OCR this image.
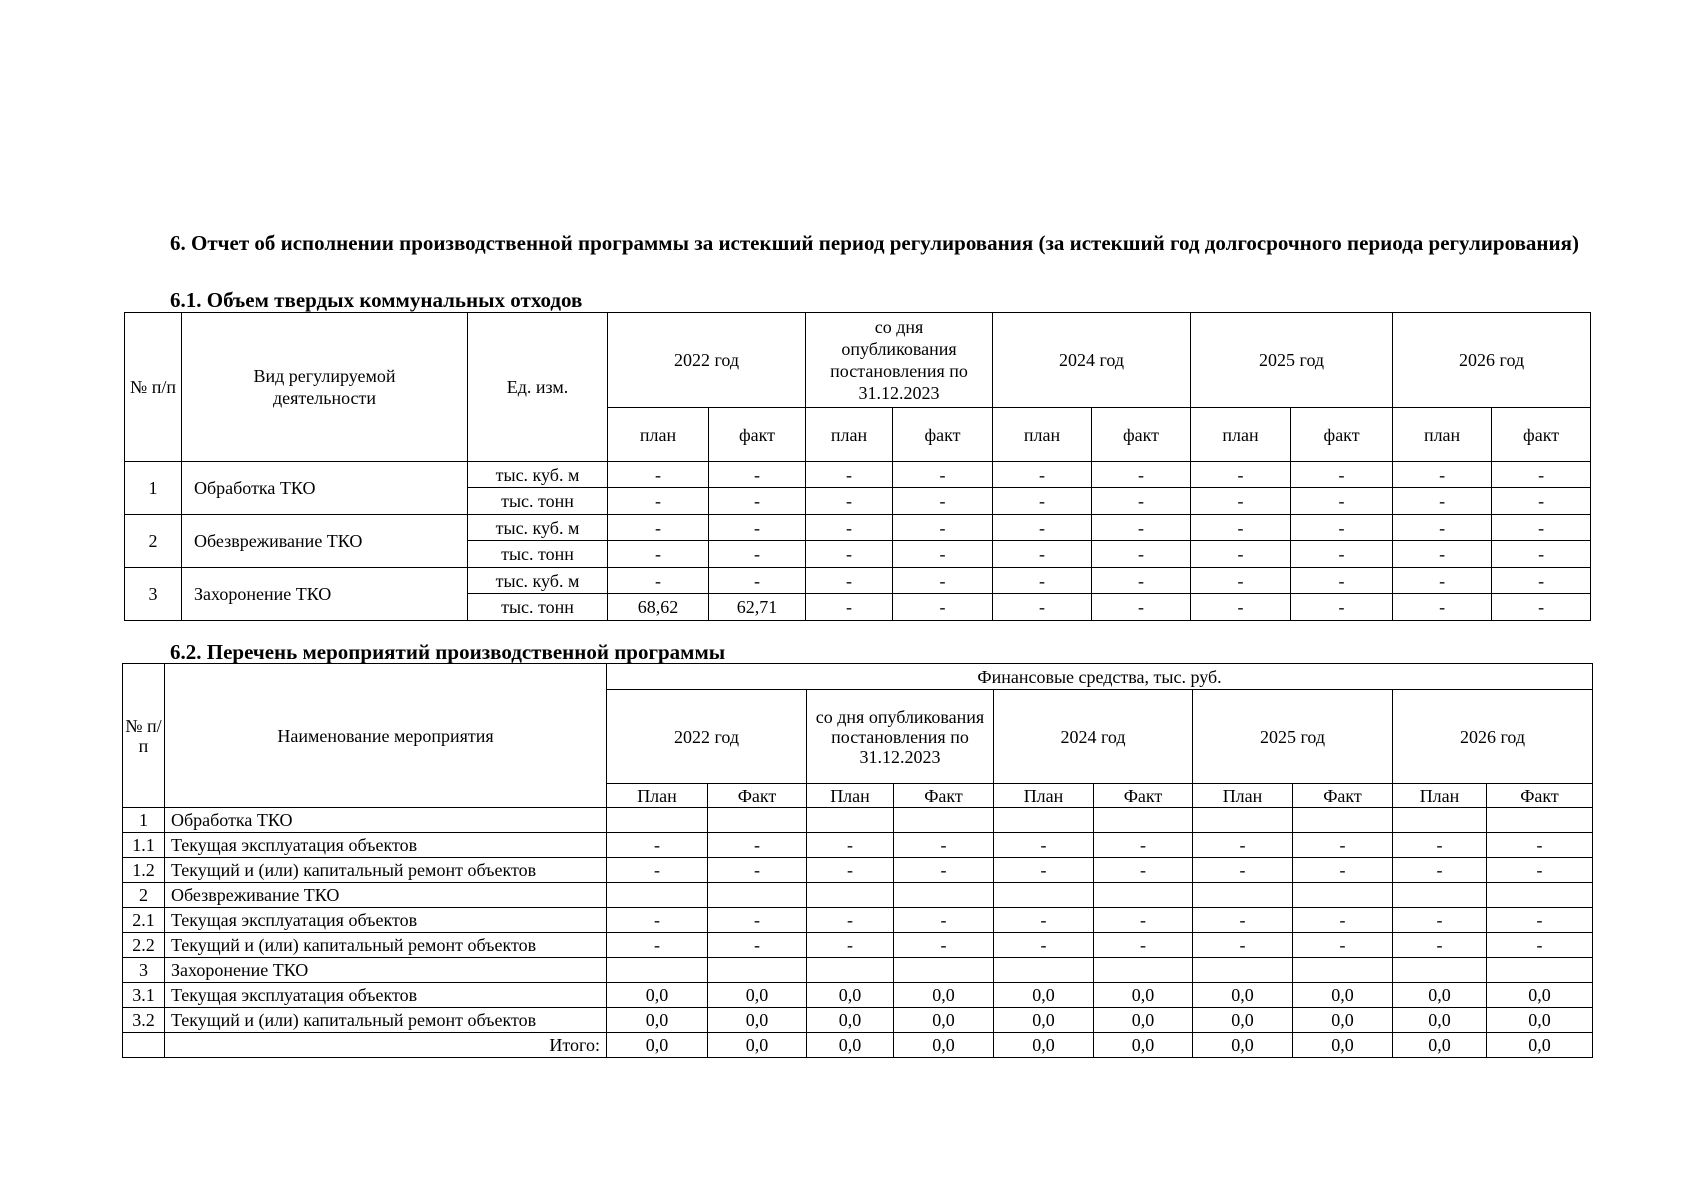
6. Отчет об исполнении производственной программы за истекший период регулирования (за истекший год долгосрочного периода регулирования)
6.1. Объем твердых коммунальных отходов
№ п/п	Вид регулируемой деятельности	Ед. изм.	2022 год		со дня опубликования постановления по 31.12.2023		2024 год		2025 год		2026 год	
			план	факт	план	факт	план	факт	план	факт	план	факт
1	Обработка ТКО	тыс. куб. м	-	-	-	-	-	-	-	-	-	-
		тыс. тонн	-	-	-	-	-	-	-	-	-	-
2	Обезвреживание ТКО	тыс. куб. м	-	-	-	-	-	-	-	-	-	-
		тыс. тонн	-	-	-	-	-	-	-	-	-	-
3	Захоронение ТКО	тыс. куб. м	-	-	-	-	-	-	-	-	-	-
		тыс. тонн	68,62	62,71	-	-	-	-	-	-	-	-
6.2. Перечень мероприятий производственной программы
№ п/п	Наименование мероприятия	Финансовые средства, тыс. руб.									
		2022 год		со дня опубликования постановления по 31.12.2023		2024 год		2025 год		2026 год	
		План	Факт	План	Факт	План	Факт	План	Факт	План	Факт
1	Обработка ТКО										
1.1	Текущая эксплуатация объектов	-	-	-	-	-	-	-	-	-	-
1.2	Текущий и (или) капитальный ремонт объектов	-	-	-	-	-	-	-	-	-	-
2	Обезвреживание ТКО										
2.1	Текущая эксплуатация объектов	-	-	-	-	-	-	-	-	-	-
2.2	Текущий и (или) капитальный ремонт объектов	-	-	-	-	-	-	-	-	-	-
3	Захоронение ТКО										
3.1	Текущая эксплуатация объектов	0,0	0,0	0,0	0,0	0,0	0,0	0,0	0,0	0,0	0,0
3.2	Текущий и (или) капитальный ремонт объектов	0,0	0,0	0,0	0,0	0,0	0,0	0,0	0,0	0,0	0,0
	Итого:	0,0	0,0	0,0	0,0	0,0	0,0	0,0	0,0	0,0	0,0
